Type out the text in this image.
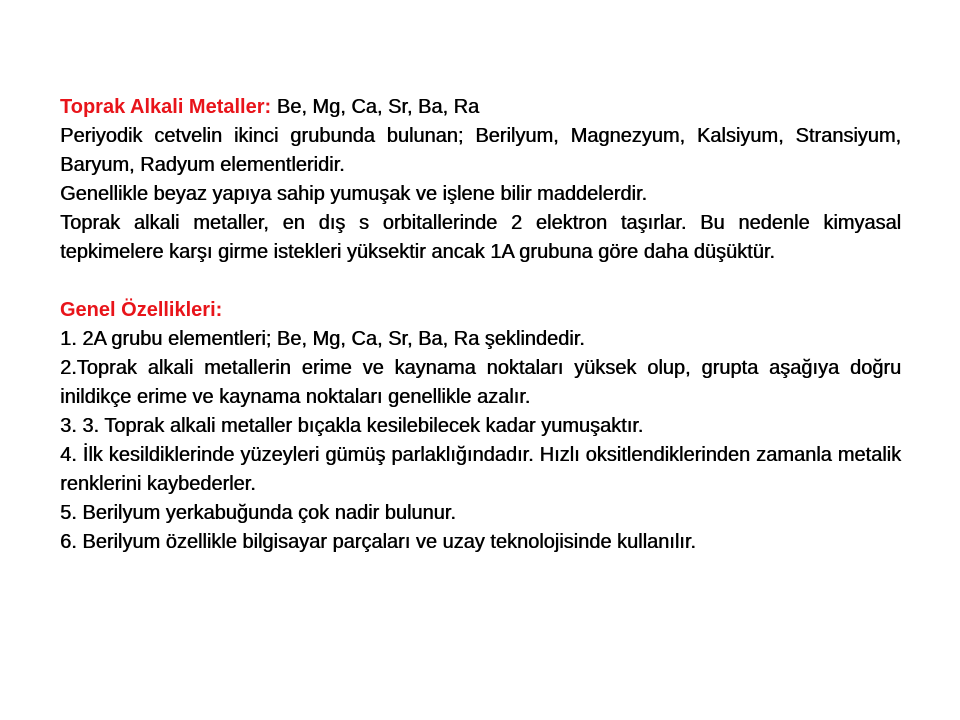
Toprak Alkali Metaller: Be, Mg, Ca, Sr, Ba, Ra

Periyodik cetvelin ikinci grubunda bulunan; Berilyum, Magnezyum, Kalsiyum, Stransiyum, Baryum, Radyum elementleridir.

Genellikle beyaz yapıya sahip yumuşak ve işlene bilir maddelerdir.

Toprak alkali metaller, en dış s orbitallerinde 2 elektron taşırlar. Bu nedenle kimyasal tepkimelere karşı girme istekleri yüksektir ancak 1A grubuna göre daha düşüktür.

Genel Özellikleri:

1. 2A grubu elementleri; Be, Mg, Ca, Sr, Ba, Ra şeklindedir.

2.Toprak alkali metallerin erime ve kaynama noktaları yüksek olup, grupta aşağıya doğru inildikçe erime ve kaynama noktaları genellikle azalır.

3. 3. Toprak alkali metaller bıçakla kesilebilecek kadar yumuşaktır.

4. İlk kesildiklerinde yüzeyleri gümüş parlaklığındadır. Hızlı oksitlendiklerinden zamanla metalik renklerini kaybederler.

5. Berilyum yerkabuğunda çok nadir bulunur.

6. Berilyum özellikle bilgisayar parçaları ve uzay teknolojisinde kullanılır.
